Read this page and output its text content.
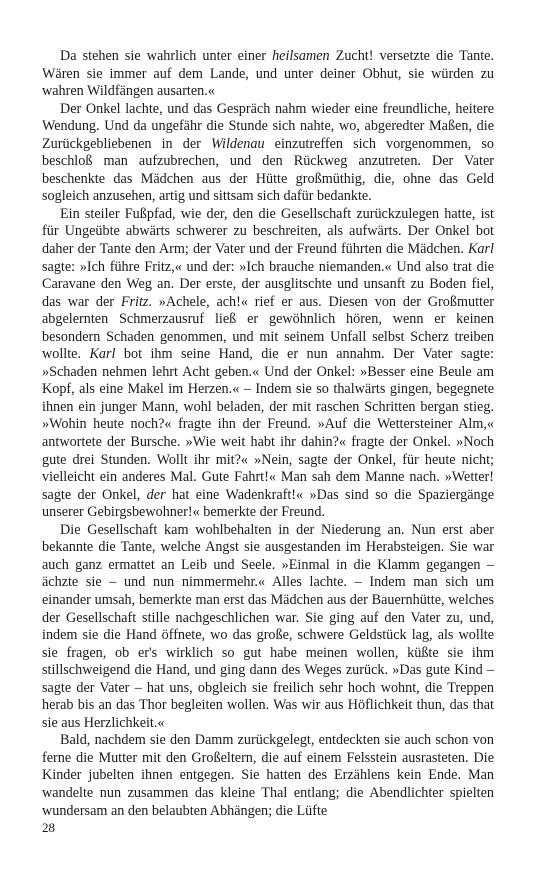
Da stehen sie wahrlich unter einer heilsamen Zucht! versetzte die Tante. Wären sie immer auf dem Lande, und unter deiner Obhut, sie würden zu wahren Wildfängen ausarten.«

Der Onkel lachte, und das Gespräch nahm wieder eine freundliche, heitere Wendung. Und da ungefähr die Stunde sich nahte, wo, abgeredter Maßen, die Zurückgebliebenen in der Wildenau einzutreffen sich vorgenommen, so beschloß man aufzubrechen, und den Rückweg anzutreten. Der Vater beschenkte das Mädchen aus der Hütte großmüthig, die, ohne das Geld sogleich anzusehen, artig und sittsam sich dafür bedankte.

Ein steiler Fußpfad, wie der, den die Gesellschaft zurückzulegen hatte, ist für Ungeübte abwärts schwerer zu beschreiten, als aufwärts. Der Onkel bot daher der Tante den Arm; der Vater und der Freund führten die Mädchen. Karl sagte: »Ich führe Fritz,« und der: »Ich brauche niemanden.« Und also trat die Caravane den Weg an. Der erste, der ausglitschte und unsanft zu Boden fiel, das war der Fritz. »Achele, ach!« rief er aus. Diesen von der Großmutter abgelernten Schmerzausruf ließ er gewöhnlich hören, wenn er keinen besondern Schaden genommen, und mit seinem Unfall selbst Scherz treiben wollte. Karl bot ihm seine Hand, die er nun annahm. Der Vater sagte: »Schaden nehmen lehrt Acht geben.« Und der Onkel: »Besser eine Beule am Kopf, als eine Makel im Herzen.« – Indem sie so thalwärts gingen, begegnete ihnen ein junger Mann, wohl beladen, der mit raschen Schritten bergan stieg. »Wohin heute noch?« fragte ihn der Freund. »Auf die Wettersteiner Alm,« antwortete der Bursche. »Wie weit habt ihr dahin?« fragte der Onkel. »Noch gute drei Stunden. Wollt ihr mit?« »Nein, sagte der Onkel, für heute nicht; vielleicht ein anderes Mal. Gute Fahrt!« Man sah dem Manne nach. »Wetter! sagte der Onkel, der hat eine Wadenkraft!« »Das sind so die Spaziergänge unserer Gebirgsbewohner!« bemerkte der Freund.

Die Gesellschaft kam wohlbehalten in der Niederung an. Nun erst aber bekannte die Tante, welche Angst sie ausgestanden im Herabsteigen. Sie war auch ganz ermattet an Leib und Seele. »Einmal in die Klamm gegangen – ächzte sie – und nun nimmermehr.« Alles lachte. – Indem man sich um einander umsah, bemerkte man erst das Mädchen aus der Bauernhütte, welches der Gesellschaft stille nachgeschlichen war. Sie ging auf den Vater zu, und, indem sie die Hand öffnete, wo das große, schwere Geldstück lag, als wollte sie fragen, ob er's wirklich so gut habe meinen wollen, küßte sie ihm stillschweigend die Hand, und ging dann des Weges zurück. »Das gute Kind – sagte der Vater – hat uns, obgleich sie freilich sehr hoch wohnt, die Treppen herab bis an das Thor begleiten wollen. Was wir aus Höflichkeit thun, das that sie aus Herzlichkeit.«

Bald, nachdem sie den Damm zurückgelegt, entdeckten sie auch schon von ferne die Mutter mit den Großeltern, die auf einem Felsstein ausrasteten. Die Kinder jubelten ihnen entgegen. Sie hatten des Erzählens kein Ende. Man wandelte nun zusammen das kleine Thal entlang; die Abendlichter spielten wundersam an den belaubten Abhängen; die Lüfte

28
